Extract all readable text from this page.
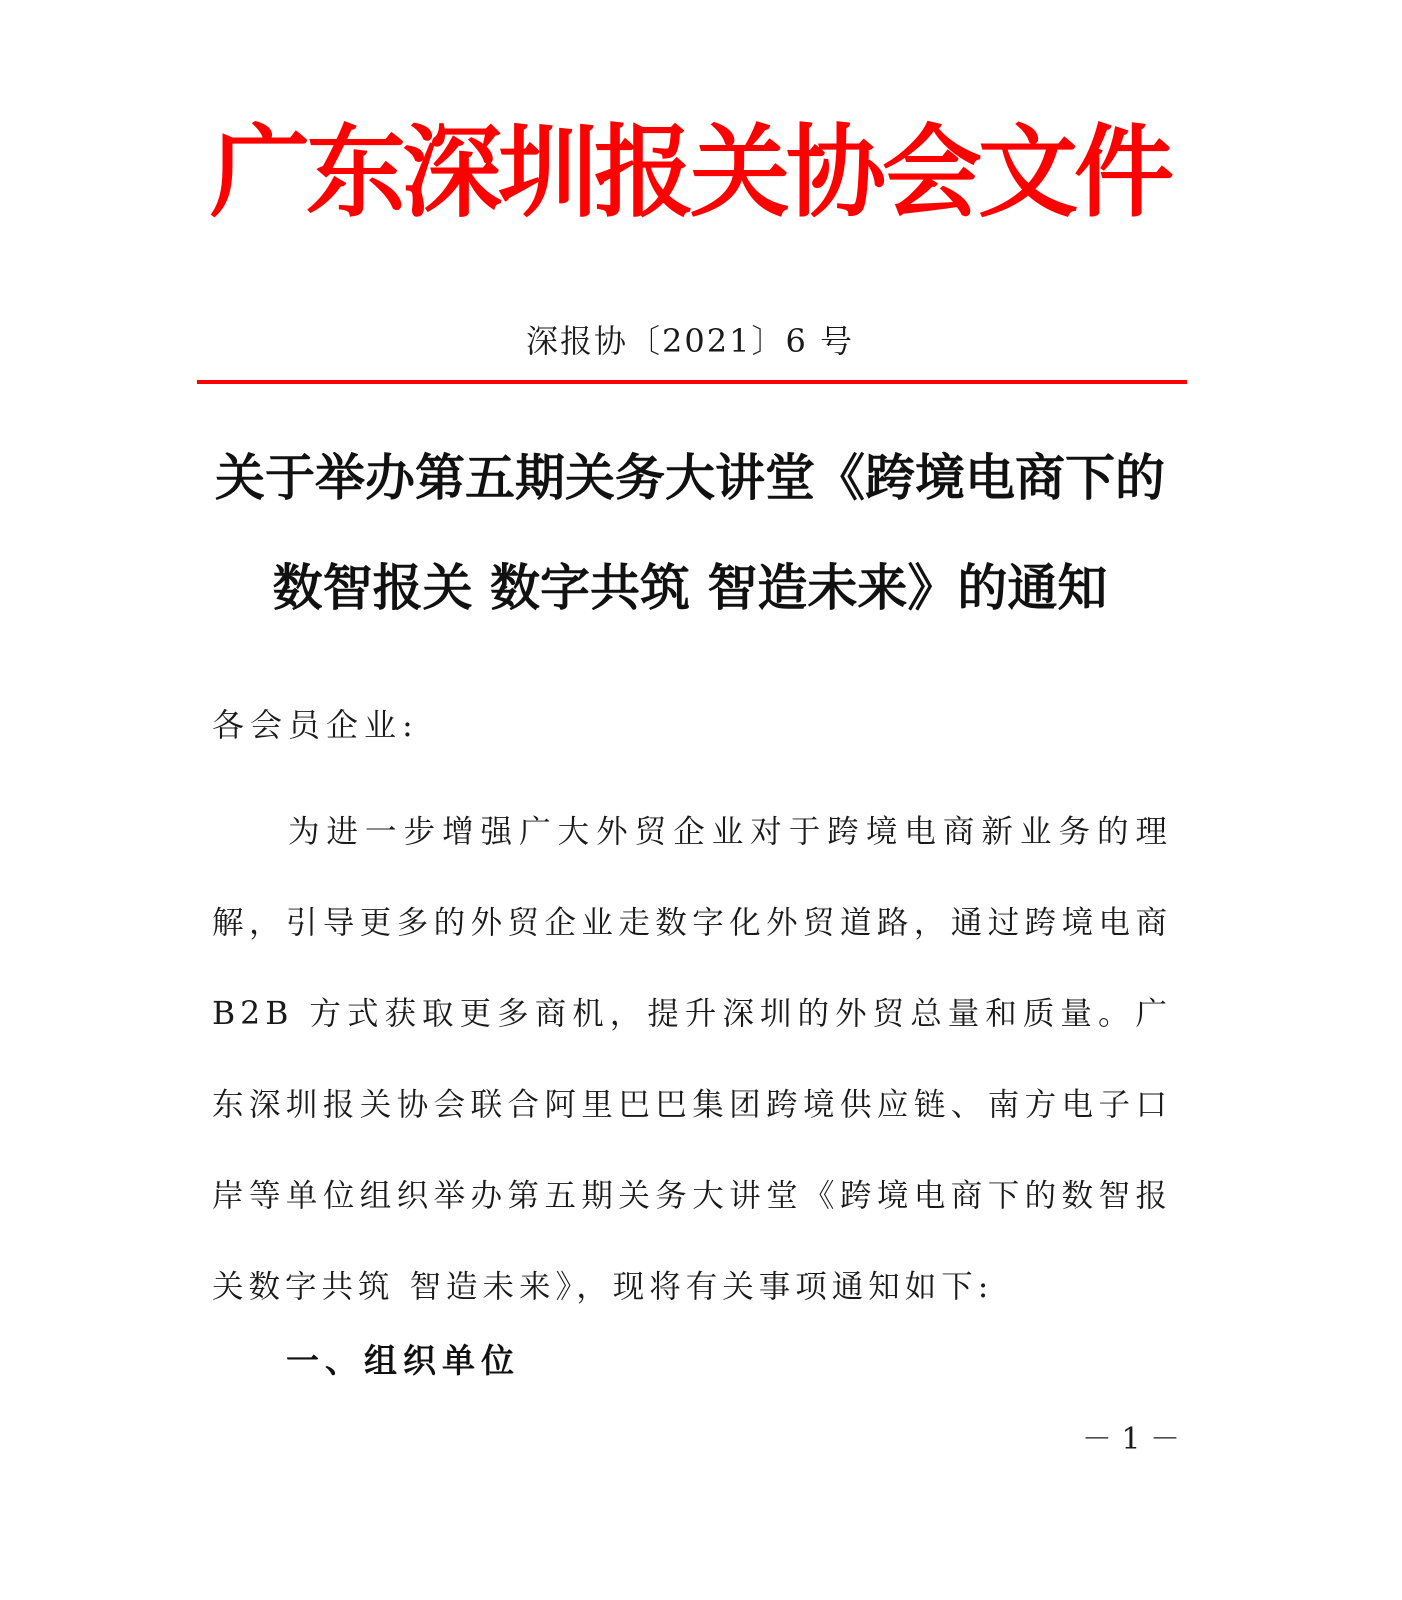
广东深圳报关协会文件
深报协〔2021〕6 号
关于举办第五期关务大讲堂《跨境电商下的
数智报关 数字共筑 智造未来》的通知
各会员企业:

为进一步增强广大外贸企业对于跨境电商新业务的理解，引导更多的外贸企业走数字化外贸道路，通过跨境电商B2B 方式获取更多商机，提升深圳的外贸总量和质量。广东深圳报关协会联合阿里巴巴集团跨境供应链、南方电子口岸等单位组织举办第五期关务大讲堂《跨境电商下的数智报关数字共筑 智造未来》，现将有关事项通知如下:

一、组织单位
－ 1 －
